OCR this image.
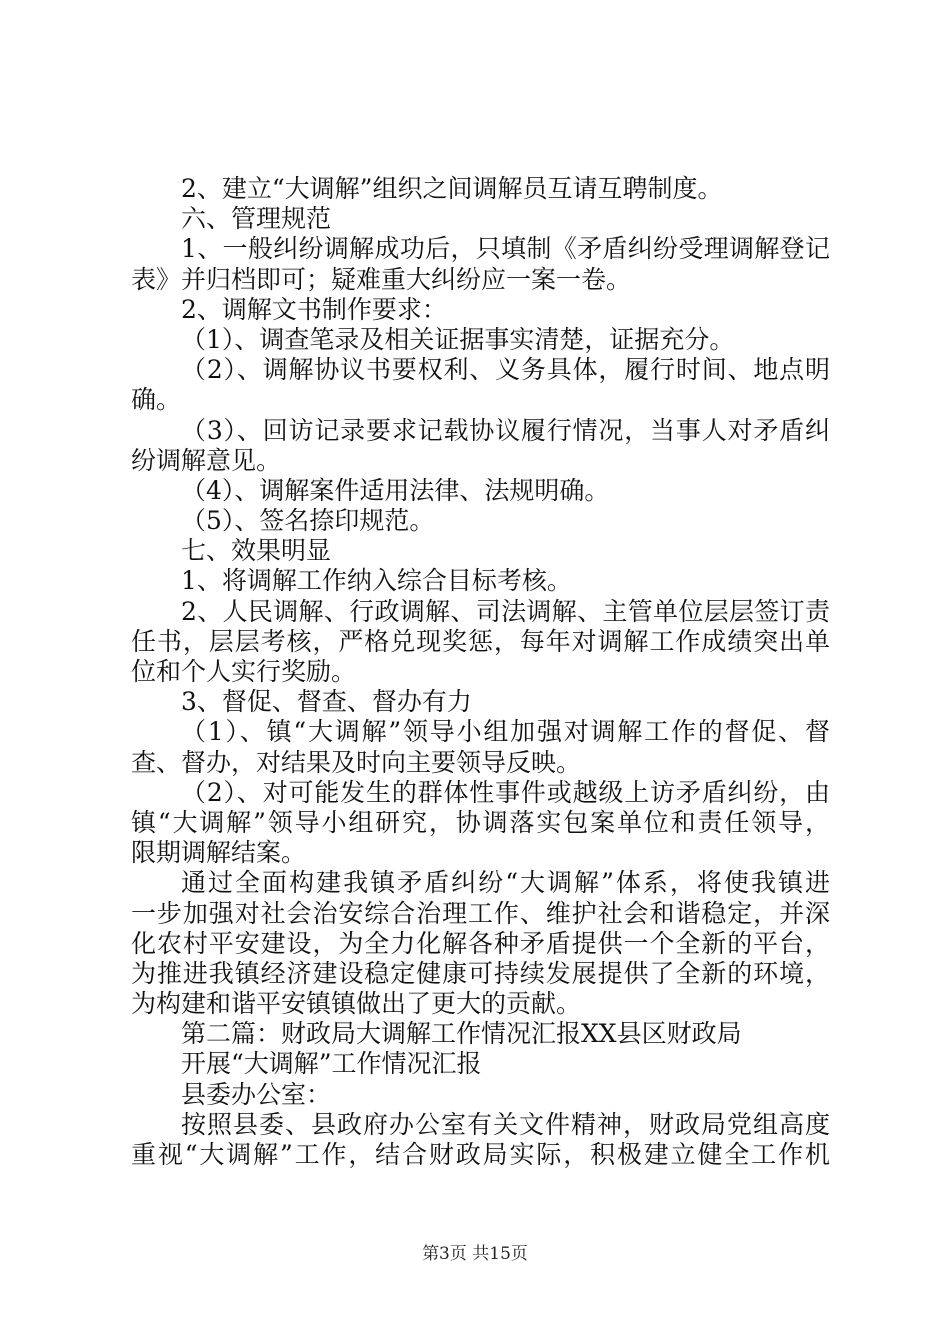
2、建立“大调解”组织之间调解员互请互聘制度。
六、管理规范
1、一般纠纷调解成功后，只填制《矛盾纠纷受理调解登记
表》并归档即可；疑难重大纠纷应一案一卷。
2、调解文书制作要求：
（1）、调查笔录及相关证据事实清楚，证据充分。
（2）、调解协议书要权利、义务具体，履行时间、地点明
确。
（3）、回访记录要求记载协议履行情况，当事人对矛盾纠
纷调解意见。
（4）、调解案件适用法律、法规明确。
（5）、签名捺印规范。
七、效果明显
1、将调解工作纳入综合目标考核。
2、人民调解、行政调解、司法调解、主管单位层层签订责
任书，层层考核，严格兑现奖惩，每年对调解工作成绩突出单
位和个人实行奖励。
3、督促、督查、督办有力
（1）、镇“大调解”领导小组加强对调解工作的督促、督
查、督办，对结果及时向主要领导反映。
（2）、对可能发生的群体性事件或越级上访矛盾纠纷，由
镇“大调解”领导小组研究，协调落实包案单位和责任领导，
限期调解结案。
通过全面构建我镇矛盾纠纷“大调解”体系，将使我镇进
一步加强对社会治安综合治理工作、维护社会和谐稳定，并深
化农村平安建设，为全力化解各种矛盾提供一个全新的平台，
为推进我镇经济建设稳定健康可持续发展提供了全新的环境，
为构建和谐平安镇镇做出了更大的贡献。
第二篇：财政局大调解工作情况汇报XX县区财政局
开展“大调解”工作情况汇报
县委办公室：
按照县委、县政府办公室有关文件精神，财政局党组高度
重视“大调解”工作，结合财政局实际，积极建立健全工作机
第3页 共15页
